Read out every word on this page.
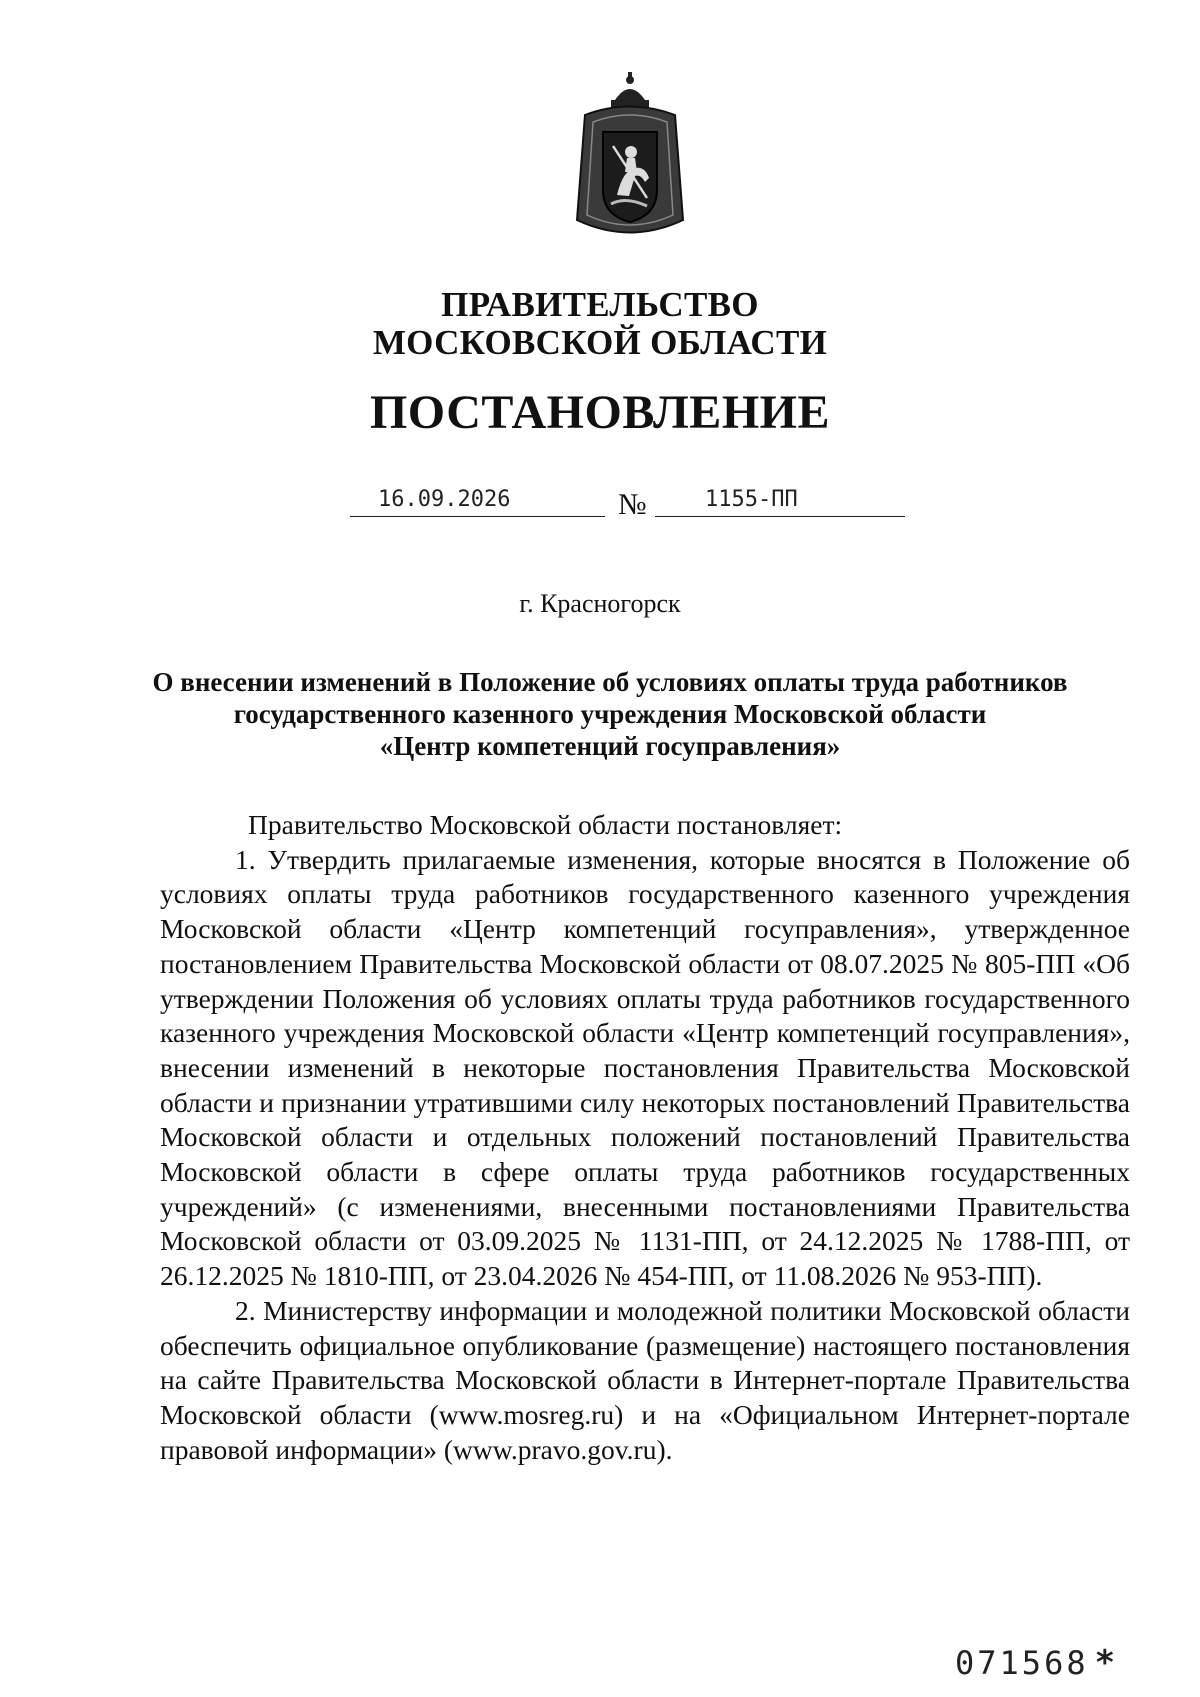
ПРАВИТЕЛЬСТВО
МОСКОВСКОЙ ОБЛАСТИ
ПОСТАНОВЛЕНИЕ
16.09.2026	№	1155-ПП
г. Красногорск
О внесении изменений в Положение об условиях оплаты труда работников
государственного казенного учреждения Московской области
«Центр компетенций госуправления»

Правительство Московской области постановляет:

1. Утвердить прилагаемые изменения, которые вносятся в Положение об условиях оплаты труда работников государственного казенного учреждения Московской области «Центр компетенций госуправления», утвержденное постановлением Правительства Московской области от 08.07.2025 № 805-ПП «Об утверждении Положения об условиях оплаты труда работников государственного казенного учреждения Московской области «Центр компетенций госуправления», внесении изменений в некоторые постановления Правительства Московской области и признании утратившими силу некоторых постановлений Правительства Московской области и отдельных положений постановлений Правительства Московской области в сфере оплаты труда работников государственных учреждений» (с изменениями, внесенными постановлениями Правительства Московской области от 03.09.2025 № 1131-ПП, от 24.12.2025 № 1788-ПП, от 26.12.2025 № 1810-ПП, от 23.04.2026 № 454-ПП, от 11.08.2026 № 953-ПП).

2. Министерству информации и молодежной политики Московской области обеспечить официальное опубликование (размещение) настоящего постановления на сайте Правительства Московской области в Интернет-портале Правительства Московской области (www.mosreg.ru) и на «Официальном Интернет-портале правовой информации» (www.pravo.gov.ru).

071568 *
